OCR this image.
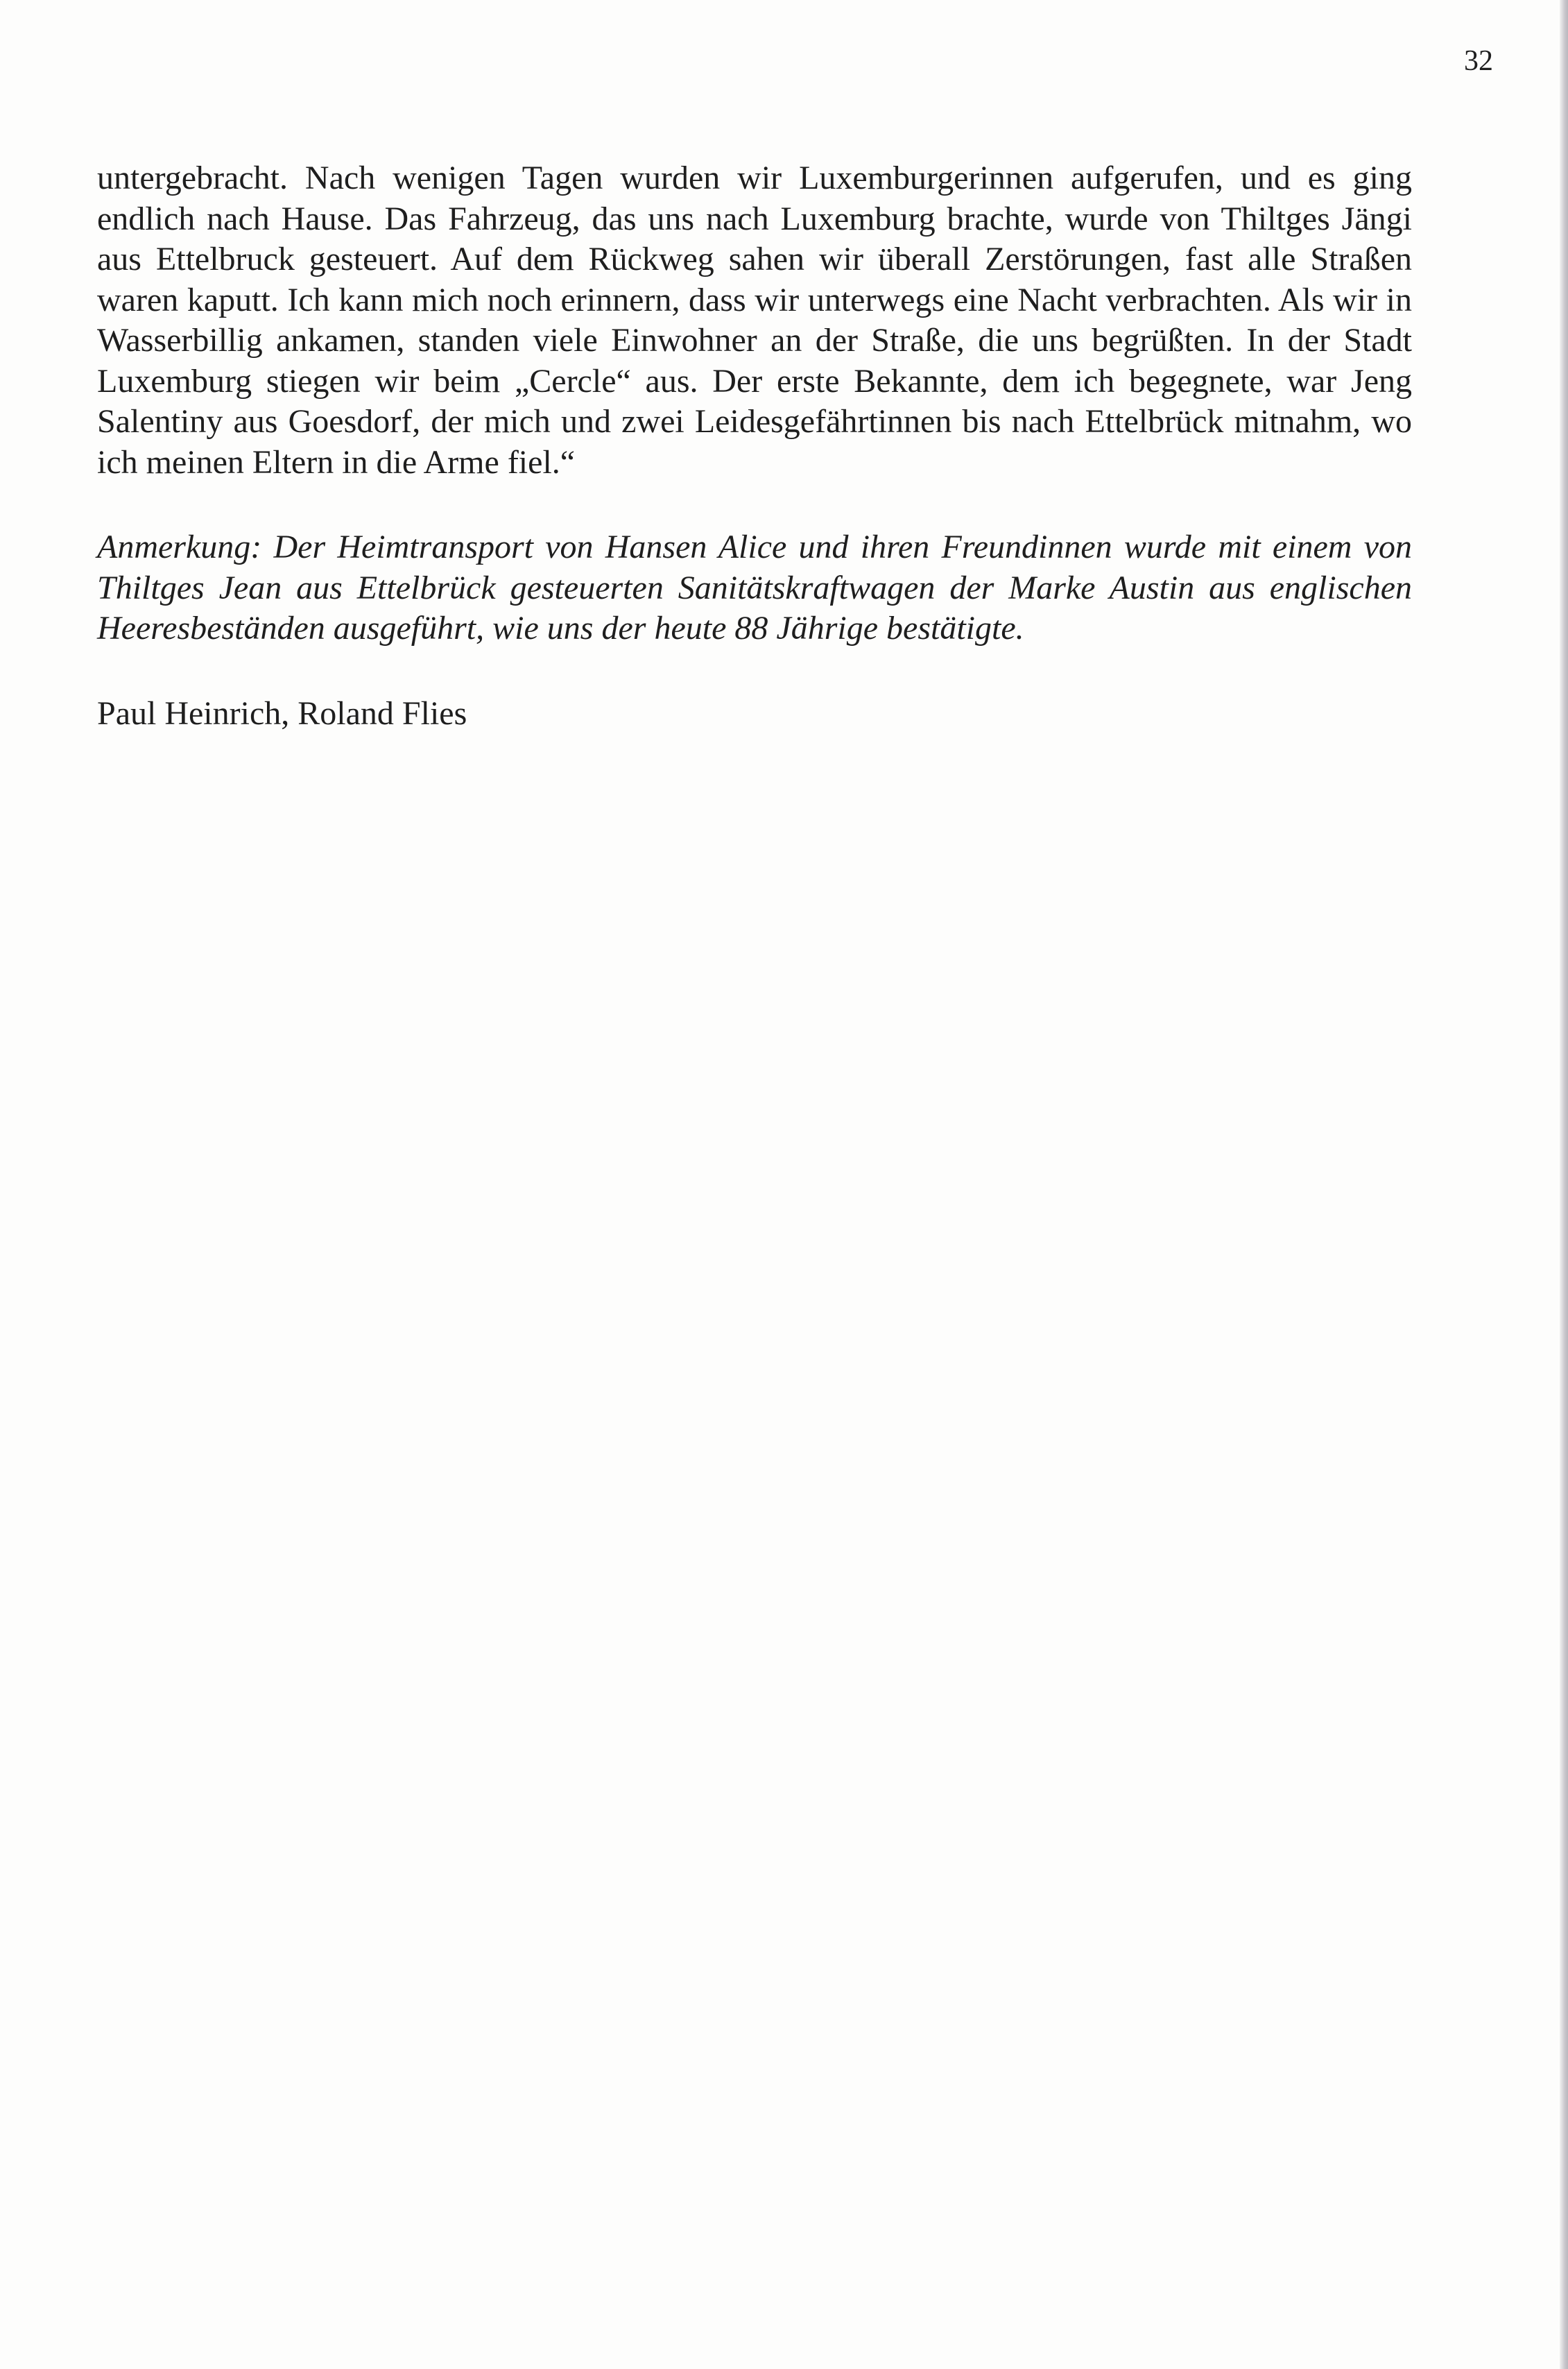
32

untergebracht. Nach wenigen Tagen wurden wir Luxemburgerinnen aufgerufen, und es ging endlich nach Hause. Das Fahrzeug, das uns nach Luxemburg brachte, wurde von Thiltges Jängi aus Ettelbruck gesteuert. Auf dem Rückweg sahen wir überall Zerstörungen, fast alle Straßen waren kaputt. Ich kann mich noch erinnern, dass wir unterwegs eine Nacht verbrachten. Als wir in Wasserbillig ankamen, standen viele Einwohner an der Straße, die uns begrüßten. In der Stadt Luxemburg stiegen wir beim „Cercle“ aus. Der erste Bekannte, dem ich begegnete, war Jeng Salentiny aus Goesdorf, der mich und zwei Leidesgefährtinnen bis nach Ettelbrück mitnahm, wo ich meinen Eltern in die Arme fiel.“

Anmerkung: Der Heimtransport von Hansen Alice und ihren Freundinnen wurde mit einem von Thiltges Jean aus Ettelbrück gesteuerten Sanitätskraftwagen der Marke Austin aus englischen Heeresbeständen ausgeführt, wie uns der heute 88 Jährige bestätigte.

Paul Heinrich, Roland Flies
